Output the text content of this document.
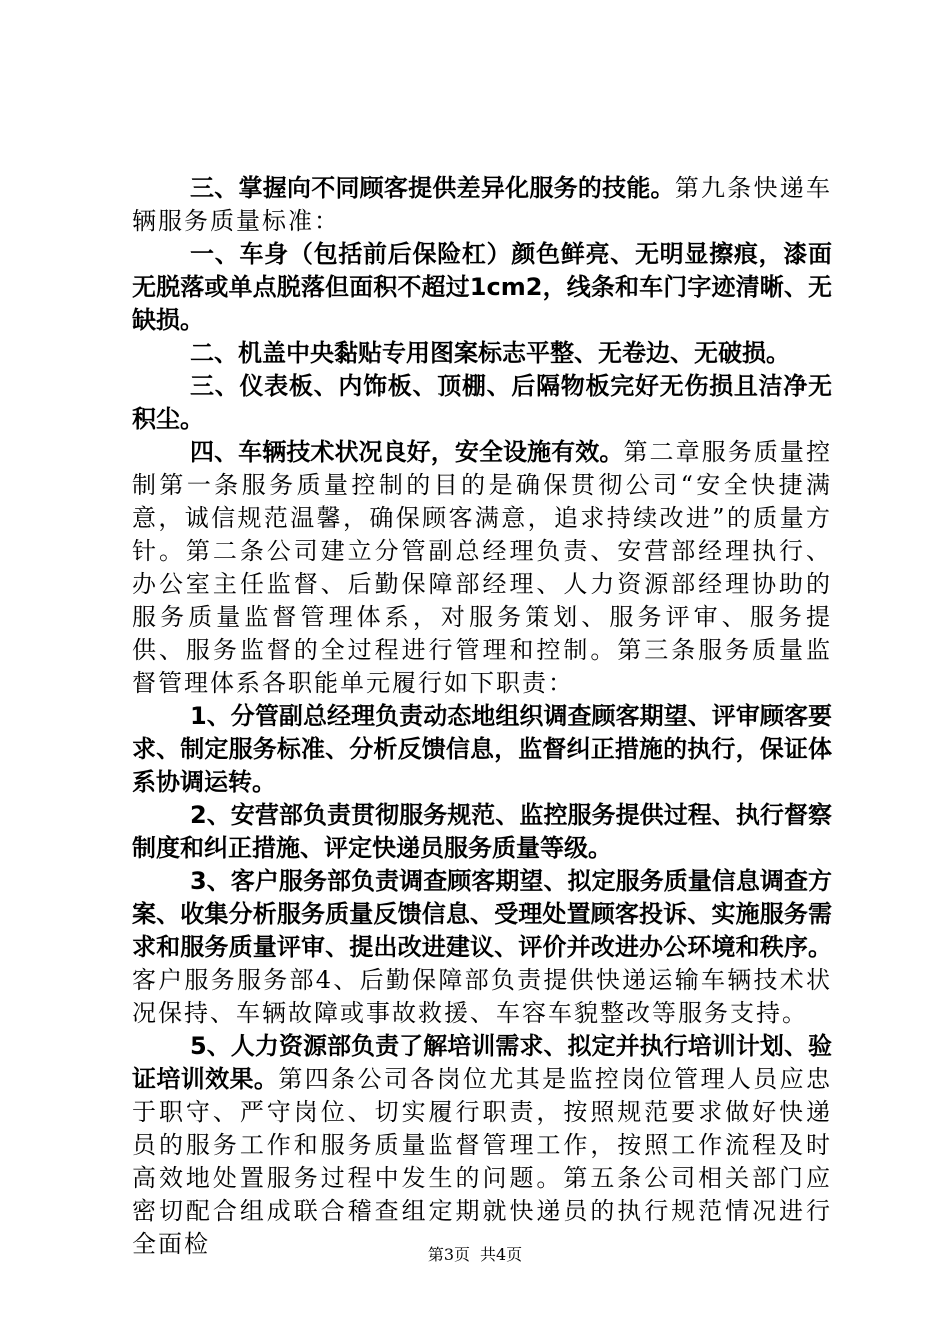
三、掌握向不同顾客提供差异化服务的技能。第九条快递车辆服务质量标准：

一、车身（包括前后保险杠）颜色鲜亮、无明显擦痕，漆面无脱落或单点脱落但面积不超过1cm2，线条和车门字迹清晰、无缺损。

二、机盖中央黏贴专用图案标志平整、无卷边、无破损。

三、仪表板、内饰板、顶棚、后隔物板完好无伤损且洁净无积尘。

四、车辆技术状况良好，安全设施有效。第二章服务质量控制第一条服务质量控制的目的是确保贯彻公司“安全快捷满意，诚信规范温馨，确保顾客满意，追求持续改进”的质量方针。第二条公司建立分管副总经理负责、安营部经理执行、办公室主任监督、后勤保障部经理、人力资源部经理协助的服务质量监督管理体系，对服务策划、服务评审、服务提供、服务监督的全过程进行管理和控制。第三条服务质量监督管理体系各职能单元履行如下职责：

1、分管副总经理负责动态地组织调查顾客期望、评审顾客要求、制定服务标准、分析反馈信息，监督纠正措施的执行，保证体系协调运转。

2、安营部负责贯彻服务规范、监控服务提供过程、执行督察制度和纠正措施、评定快递员服务质量等级。

3、客户服务部负责调查顾客期望、拟定服务质量信息调查方案、收集分析服务质量反馈信息、受理处置顾客投诉、实施服务需求和服务质量评审、提出改进建议、评价并改进办公环境和秩序。客户服务服务部4、后勤保障部负责提供快递运输车辆技术状况保持、车辆故障或事故救援、车容车貌整改等服务支持。

5、人力资源部负责了解培训需求、拟定并执行培训计划、验证培训效果。第四条公司各岗位尤其是监控岗位管理人员应忠于职守、严守岗位、切实履行职责，按照规范要求做好快递员的服务工作和服务质量监督管理工作，按照工作流程及时高效地处置服务过程中发生的问题。第五条公司相关部门应密切配合组成联合稽查组定期就快递员的执行规范情况进行全面检	第3页 共4页
